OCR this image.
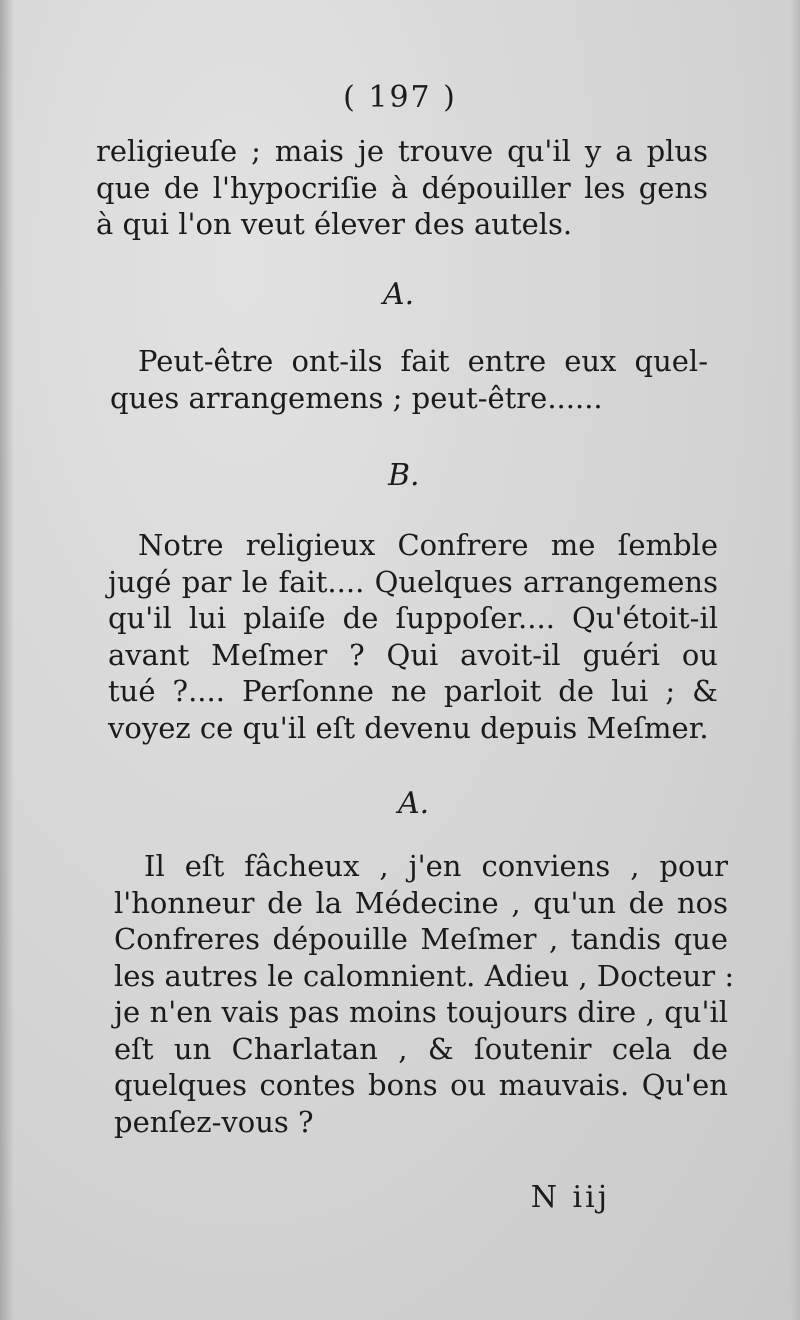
( 197 )
religieuſe ; mais je trouve qu'il y a plus
que de l'hypocriſie à dépouiller les gens
à qui l'on veut élever des autels.
A.
Peut-être ont-ils fait entre eux quel-
ques arrangemens ; peut-être......
B.
Notre religieux Confrere me ſemble
jugé par le fait.... Quelques arrangemens
qu'il lui plaiſe de ſuppoſer.... Qu'étoit-il
avant Meſmer ? Qui avoit-il guéri ou
tué ?.... Perſonne ne parloit de lui ; &
voyez ce qu'il eſt devenu depuis Meſmer.
A.
Il eſt fâcheux , j'en conviens , pour
l'honneur de la Médecine , qu'un de nos
Confreres dépouille Meſmer , tandis que
les autres le calomnient. Adieu , Docteur :
je n'en vais pas moins toujours dire , qu'il
eſt un Charlatan , & ſoutenir cela de
quelques contes bons ou mauvais. Qu'en
penſez-vous ?
N iij
